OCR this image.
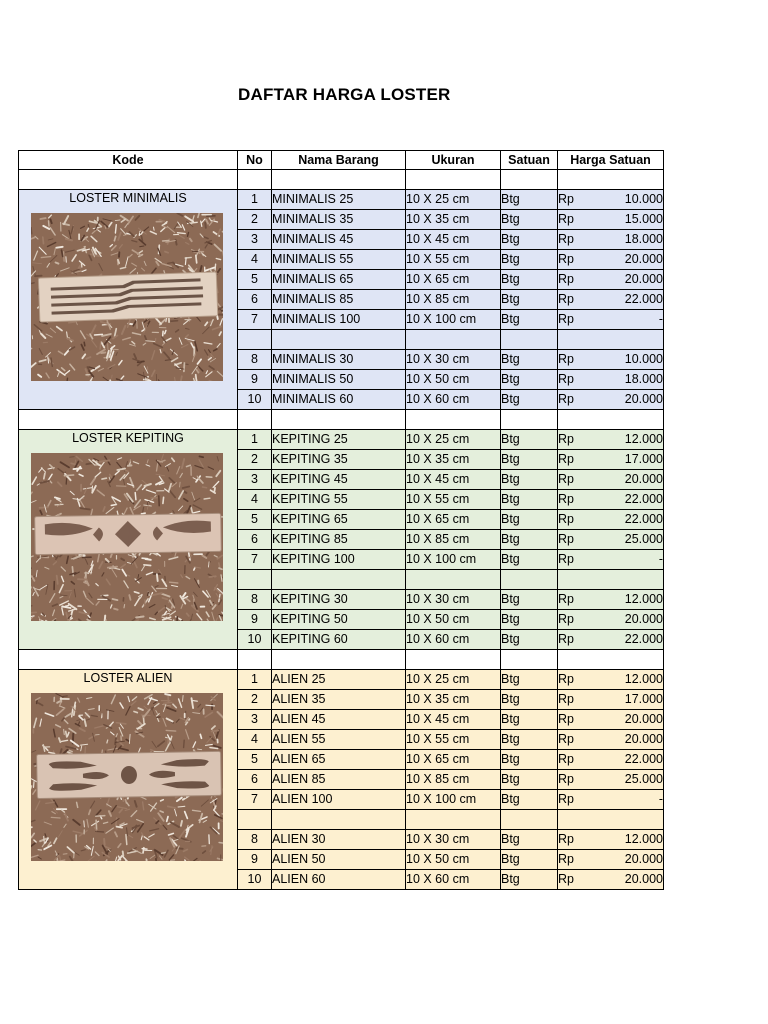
DAFTAR HARGA LOSTER
Kode	No	Nama Barang	Ukuran	Satuan	Harga Satuan

LOSTER MINIMALIS	1	MINIMALIS 25	10 X 25 cm	Btg	Rp 10.000

	2	MINIMALIS 35	10 X 35 cm	Btg	Rp 15.000

	3	MINIMALIS 45	10 X 45 cm	Btg	Rp 18.000

	4	MINIMALIS 55	10 X 55 cm	Btg	Rp 20.000

	5	MINIMALIS 65	10 X 65 cm	Btg	Rp 20.000

	6	MINIMALIS 85	10 X 85 cm	Btg	Rp 22.000

	7	MINIMALIS 100	10 X 100 cm	Btg	Rp -

	8	MINIMALIS 30	10 X 30 cm	Btg	Rp 10.000

	9	MINIMALIS 50	10 X 50 cm	Btg	Rp 18.000

	10	MINIMALIS 60	10 X 60 cm	Btg	Rp 20.000

LOSTER KEPITING	1	KEPITING 25	10 X 25 cm	Btg	Rp 12.000

	2	KEPITING 35	10 X 35 cm	Btg	Rp 17.000

	3	KEPITING 45	10 X 45 cm	Btg	Rp 20.000

	4	KEPITING 55	10 X 55 cm	Btg	Rp 22.000

	5	KEPITING 65	10 X 65 cm	Btg	Rp 22.000

	6	KEPITING 85	10 X 85 cm	Btg	Rp 25.000

	7	KEPITING 100	10 X 100 cm	Btg	Rp -

	8	KEPITING 30	10 X 30 cm	Btg	Rp 12.000

	9	KEPITING 50	10 X 50 cm	Btg	Rp 20.000

	10	KEPITING 60	10 X 60 cm	Btg	Rp 22.000

LOSTER ALIEN	1	ALIEN 25	10 X 25 cm	Btg	Rp 12.000

	2	ALIEN 35	10 X 35 cm	Btg	Rp 17.000

	3	ALIEN 45	10 X 45 cm	Btg	Rp 20.000

	4	ALIEN 55	10 X 55 cm	Btg	Rp 20.000

	5	ALIEN 65	10 X 65 cm	Btg	Rp 22.000

	6	ALIEN 85	10 X 85 cm	Btg	Rp 25.000

	7	ALIEN 100	10 X 100 cm	Btg	Rp -

	8	ALIEN 30	10 X 30 cm	Btg	Rp 12.000

	9	ALIEN 50	10 X 50 cm	Btg	Rp 20.000

	10	ALIEN 60	10 X 60 cm	Btg	Rp 20.000
